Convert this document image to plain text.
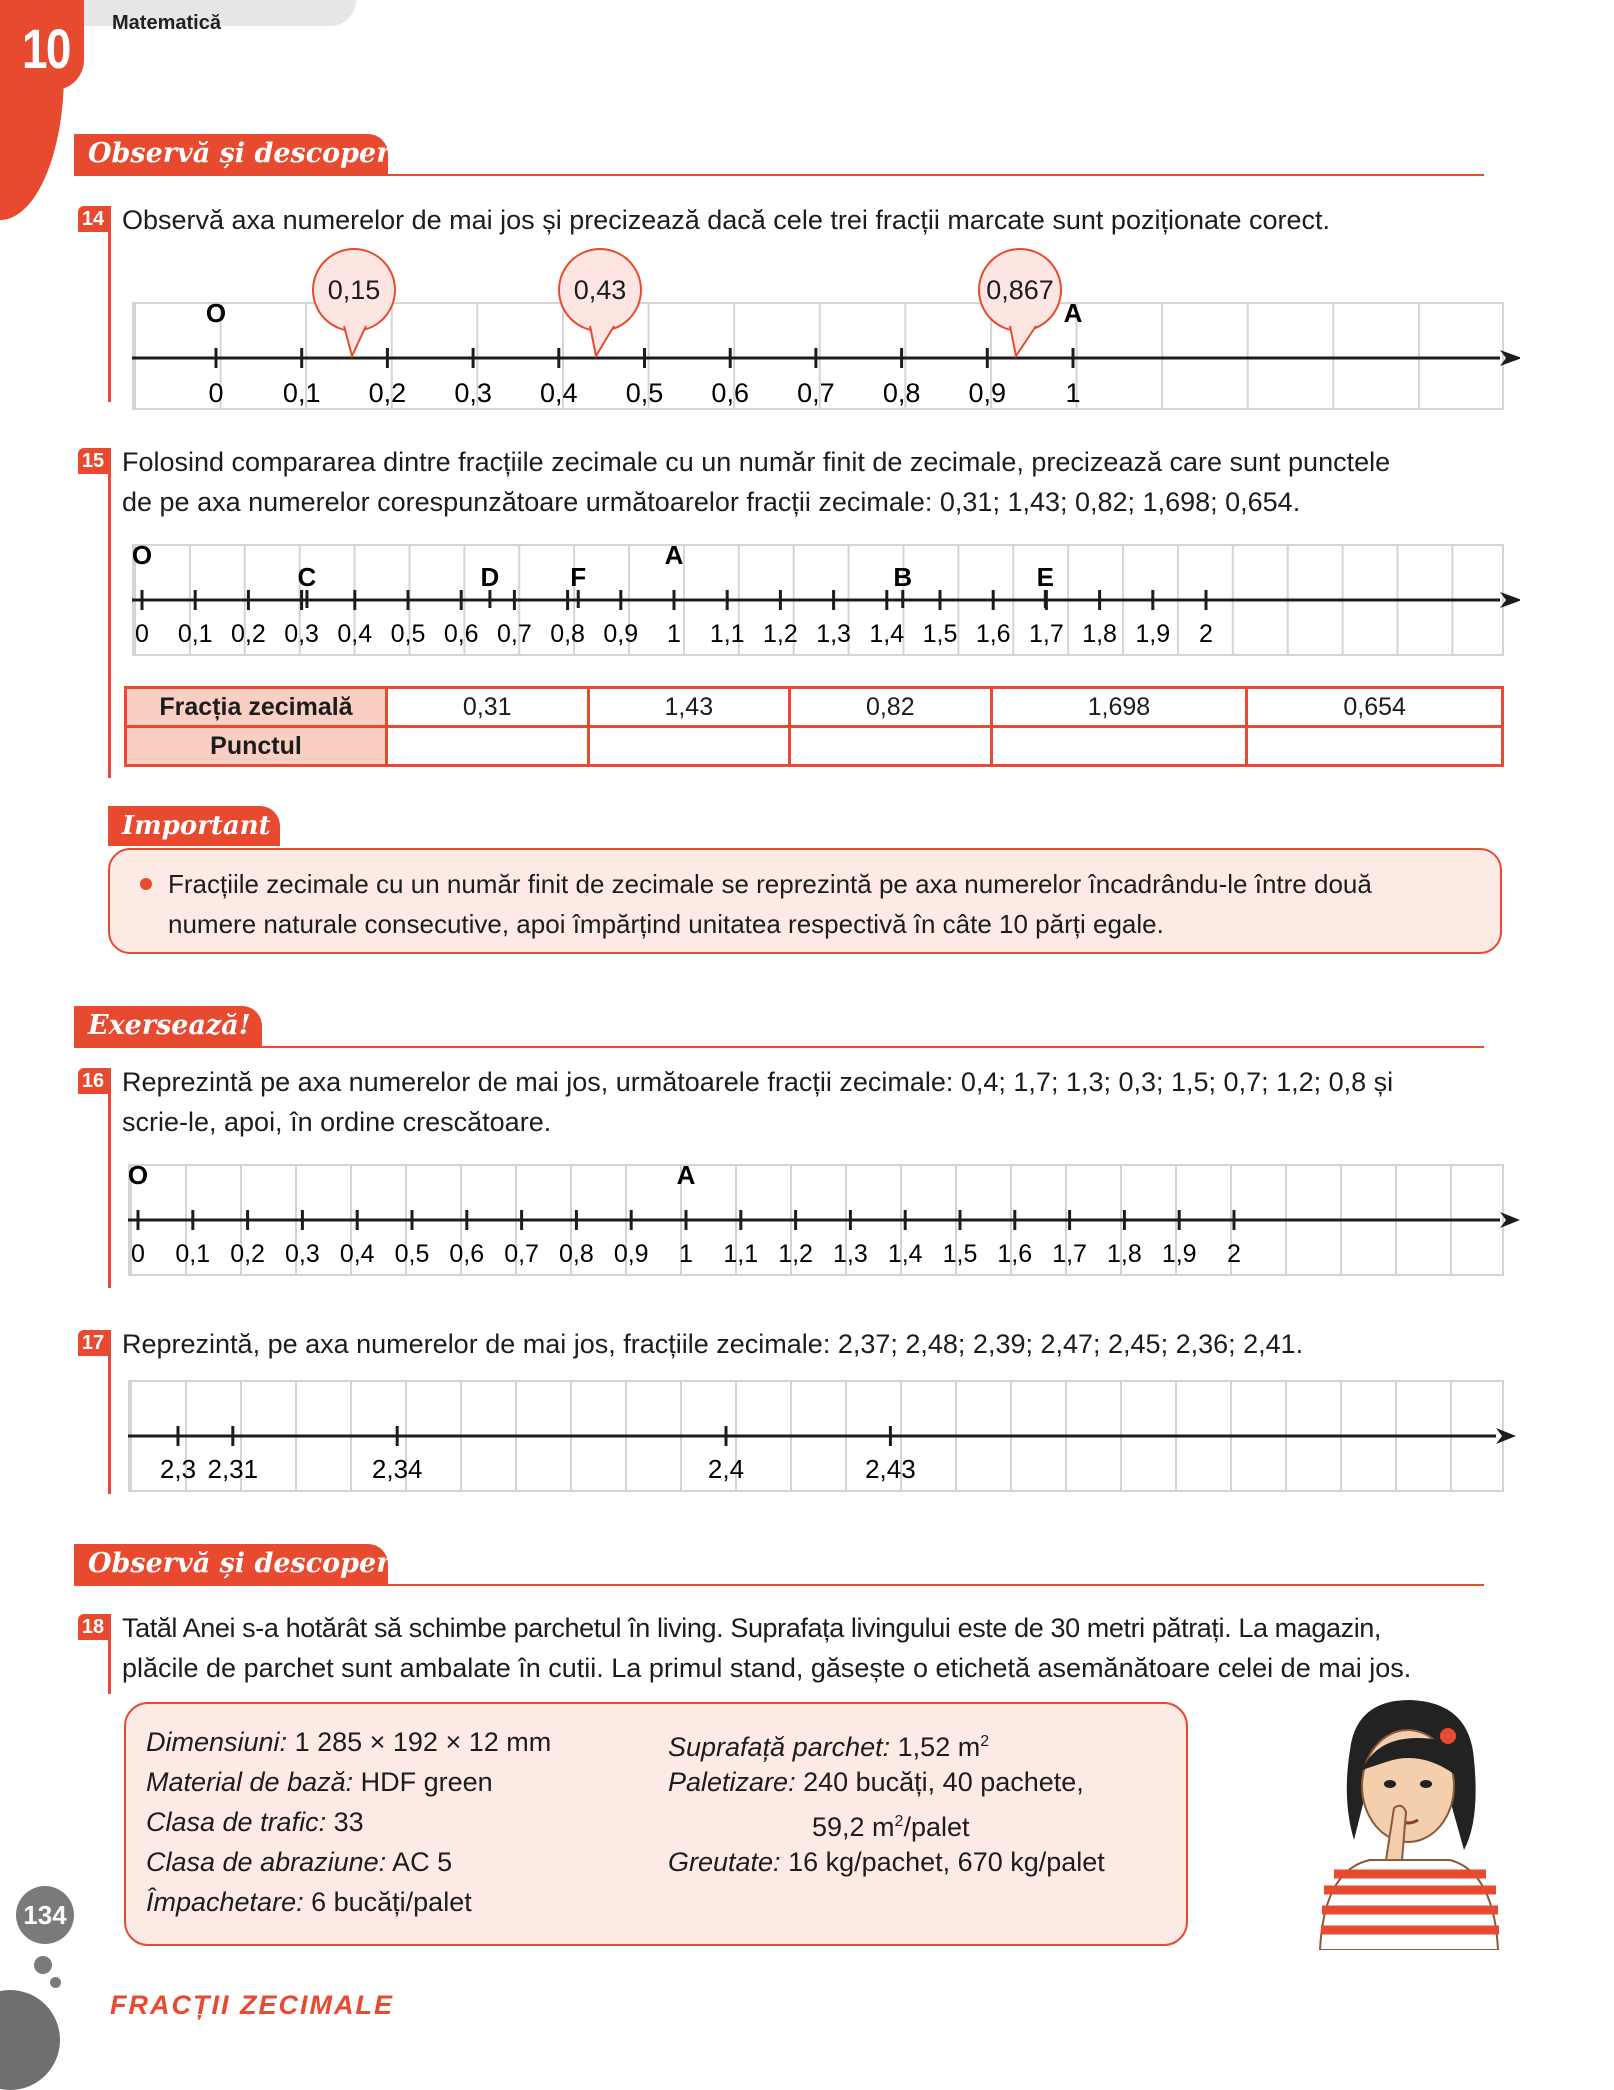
10 Matematică
Observă și descoperă!
14 Observă axa numerelor de mai jos și precizează dacă cele trei fracții marcate sunt poziționate corect.
0 0,1 0,2 0,3 0,4 0,5 0,6 0,7 0,8 0,9 1
O	A
0,15	0,43	0,867
15 Folosind compararea dintre fracțiile zecimale cu un număr finit de zecimale, precizează care sunt punctele
de pe axa numerelor corespunzătoare următoarelor fracții zecimale: 0,31; 1,43; 0,82; 1,698; 0,654.
0 0,1 0,2 0,3 0,4 0,5 0,6 0,7 0,8 0,9 1 1,1 1,2 1,3 1,4 1,5 1,6 1,7 1,8 1,9 2
O	A
C	D	F	B	E
Fracția zecimală	0,31	1,43	0,82	1,698	0,654
Punctul					
Important
Fracțiile zecimale cu un număr finit de zecimale se reprezintă pe axa numerelor încadrându-le între două
numere naturale consecutive, apoi împărțind unitatea respectivă în câte 10 părți egale.
Exersează!
16 Reprezintă pe axa numerelor de mai jos, următoarele fracții zecimale: 0,4; 1,7; 1,3; 0,3; 1,5; 0,7; 1,2; 0,8 și
scrie-le, apoi, în ordine crescătoare.
0 0,1 0,2 0,3 0,4 0,5 0,6 0,7 0,8 0,9 1 1,1 1,2 1,3 1,4 1,5 1,6 1,7 1,8 1,9 2
O	A
17 Reprezintă, pe axa numerelor de mai jos, fracțiile zecimale: 2,37; 2,48; 2,39; 2,47; 2,45; 2,36; 2,41.
2,3 2,31	2,34	2,4	2,43
Observă și descoperă!
18 Tatăl Anei s-a hotărât să schimbe parchetul în living. Suprafața livingului este de 30 metri pătrați. La magazin,
plăcile de parchet sunt ambalate în cutii. La primul stand, găsește o etichetă asemănătoare celei de mai jos.
Dimensiuni: 1 285 × 192 × 12 mm
Material de bază: HDF green
Clasa de trafic: 33
Clasa de abraziune: AC 5
Împachetare: 6 bucăți/palet
Suprafață parchet: 1,52 $m^2$
Paletizare: 240 bucăți, 40 pachete,
59,2 $m^2$/palet
Greutate: 16 kg/pachet, 670 kg/palet
134
FRACȚII ZECIMALE
